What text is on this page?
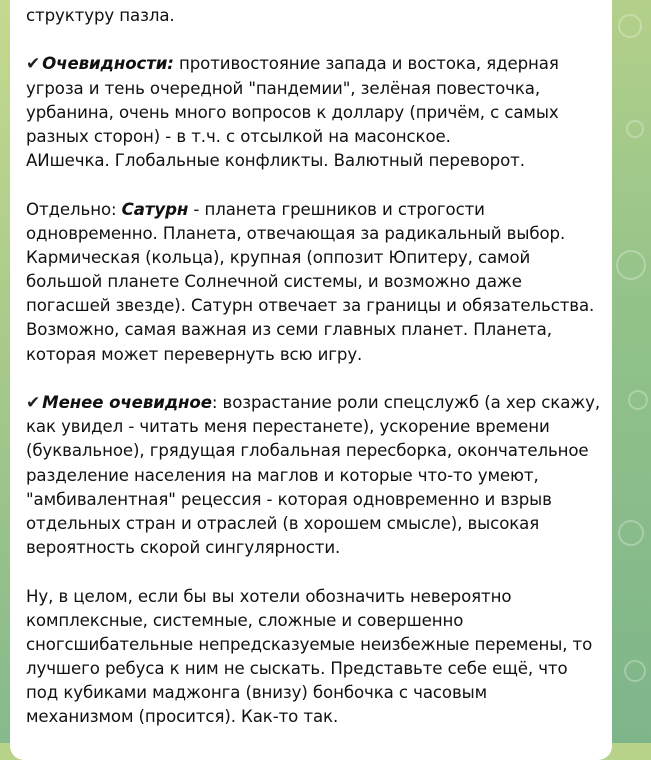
структуру пазла.
✔ Очевидности: противостояние запада и востока, ядерная
угроза и тень очередной "пандемии", зелёная повесточка,
урбанина, очень много вопросов к доллару (причём, с самых
разных сторон) - в т.ч. с отсылкой на масонское.
АИшечка. Глобальные конфликты. Валютный переворот.
Отдельно: Сатурн - планета грешников и строгости
одновременно. Планета, отвечающая за радикальный выбор.
Кармическая (кольца), крупная (оппозит Юпитеру, самой
большой планете Солнечной системы, и возможно даже
погасшей звезде). Сатурн отвечает за границы и обязательства.
Возможно, самая важная из семи главных планет. Планета,
которая может перевернуть всю игру.
✔ Менее очевидное: возрастание роли спецслужб (а хер скажу,
как увидел - читать меня перестанете), ускорение времени
(буквальное), грядущая глобальная пересборка, окончательное
разделение населения на маглов и которые что-то умеют,
"амбивалентная" рецессия - которая одновременно и взрыв
отдельных стран и отраслей (в хорошем смысле), высокая
вероятность скорой сингулярности.
Ну, в целом, если бы вы хотели обозначить невероятно
комплексные, системные, сложные и совершенно
сногсшибательные непредсказуемые неизбежные перемены, то
лучшего ребуса к ним не сыскать. Представьте себе ещё, что
под кубиками маджонга (внизу) бонбочка с часовым
механизмом (просится). Как-то так.
